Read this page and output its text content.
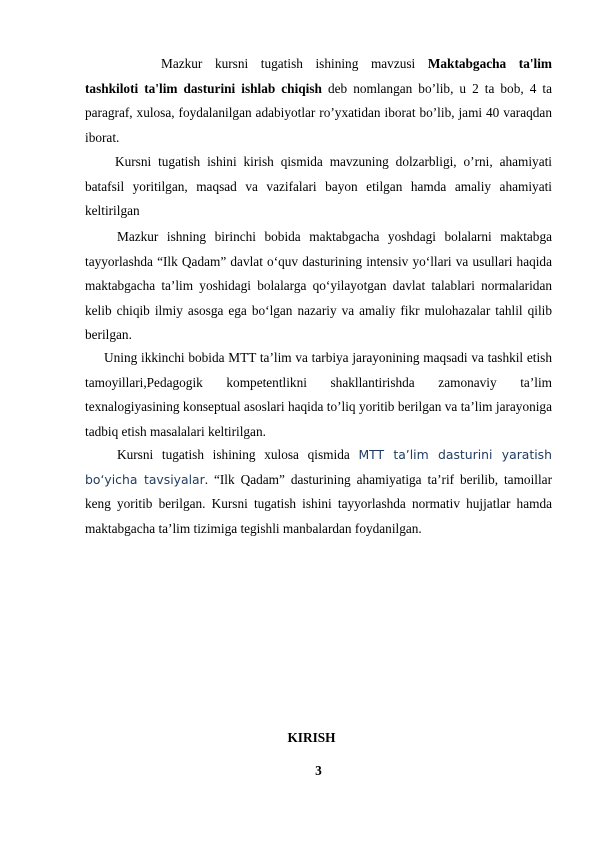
Mazkur kursni tugatish ishining mavzusi Maktabgacha ta'lim tashkiloti ta'lim dasturini ishlab chiqish deb nomlangan bo’lib, u 2 ta bob, 4 ta paragraf, xulosa, foydalanilgan adabiyotlar ro’yxatidan iborat bo’lib, jami 40 varaqdan iborat.

Kursni tugatish ishini kirish qismida mavzuning dolzarbligi, o’rni, ahamiyati batafsil yoritilgan, maqsad va vazifalari bayon etilgan hamda amaliy ahamiyati keltirilgan

Mazkur ishning birinchi bobida maktabgacha yoshdagi bolalarni maktabga tayyorlashda “Ilk Qadam” davlat o‘quv dasturining intensiv yo‘llari va usullari haqida maktabgacha ta’lim yoshidagi bolalarga qo‘yilayotgan davlat talablari normalaridan kelib chiqib ilmiy asosga ega bo‘lgan nazariy va amaliy fikr mulohazalar tahlil qilib berilgan.

Uning ikkinchi bobida MTT ta’lim va tarbiya jarayonining maqsadi va tashkil etish tamoyillari,Pedagogik kompetentlikni shakllantirishda zamonaviy ta’lim texnalogiyasining konseptual asoslari haqida to’liq yoritib berilgan va ta’lim jarayoniga tadbiq etish masalalari keltirilgan.

Kursni tugatish ishining xulosa qismida MTT ta’lim dasturini yaratish bo‘yicha tavsiyalar. “Ilk Qadam” dasturining ahamiyatiga ta’rif berilib, tamoillar keng yoritib berilgan. Kursni tugatish ishini tayyorlashda normativ hujjatlar hamda maktabgacha ta’lim tizimiga tegishli manbalardan foydanilgan.

KIRISH
3
